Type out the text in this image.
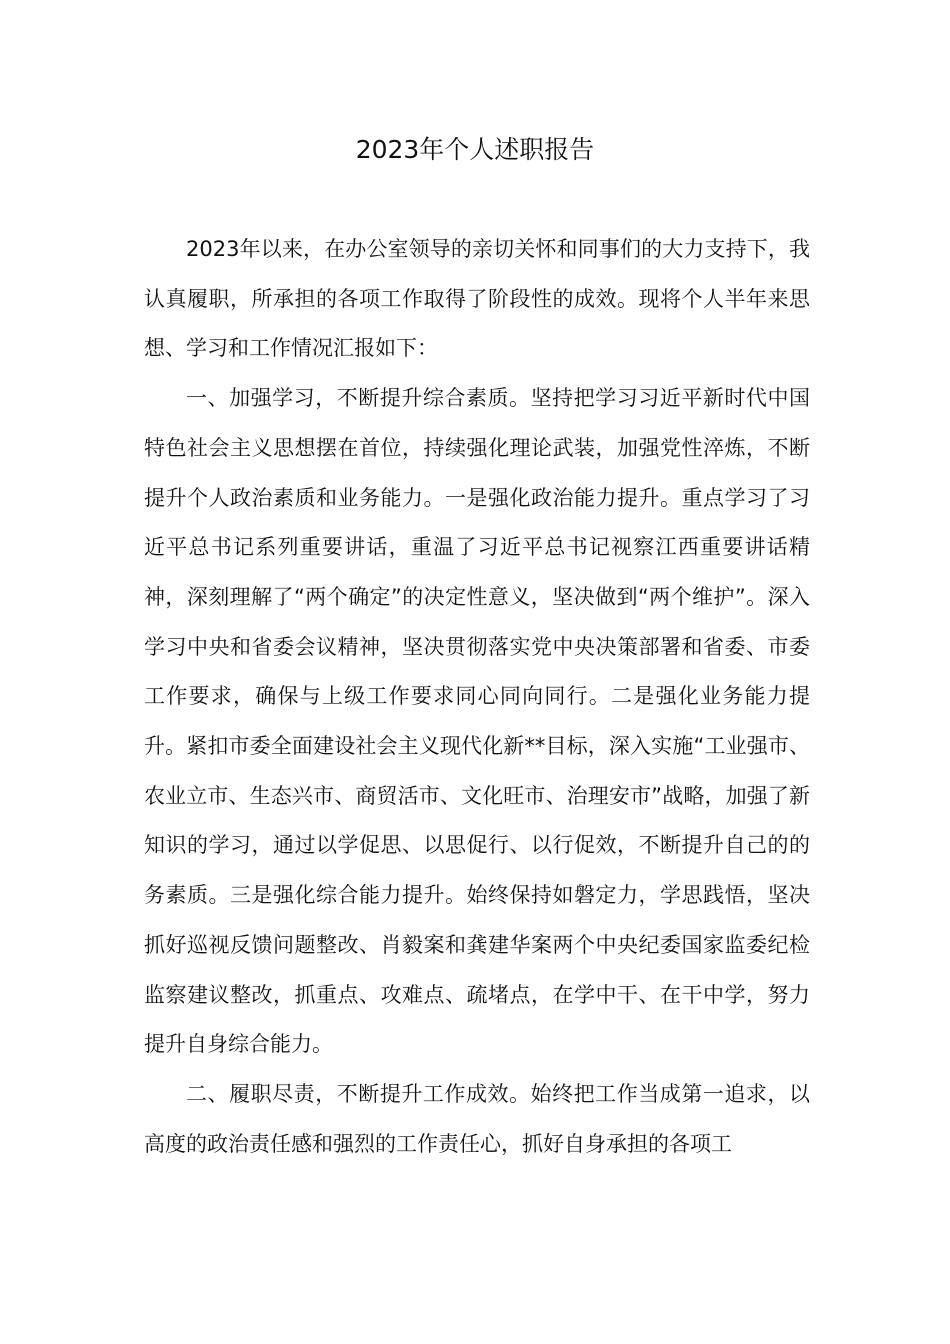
2023年个人述职报告

2023年以来，在办公室领导的亲切关怀和同事们的大力支持下，我认真履职，所承担的各项工作取得了阶段性的成效。现将个人半年来思想、学习和工作情况汇报如下：

一、加强学习，不断提升综合素质。坚持把学习习近平新时代中国特色社会主义思想摆在首位，持续强化理论武装，加强党性淬炼，不断提升个人政治素质和业务能力。一是强化政治能力提升。重点学习了习近平总书记系列重要讲话，重温了习近平总书记视察江西重要讲话精神，深刻理解了“两个确定”的决定性意义，坚决做到“两个维护”。深入学习中央和省委会议精神，坚决贯彻落实党中央决策部署和省委、市委工作要求，确保与上级工作要求同心同向同行。二是强化业务能力提升。紧扣市委全面建设社会主义现代化新**目标，深入实施“工业强市、农业立市、生态兴市、商贸活市、文化旺市、治理安市”战略，加强了新知识的学习，通过以学促思、以思促行、以行促效，不断提升自己的的务素质。三是强化综合能力提升。始终保持如磐定力，学思践悟，坚决抓好巡视反馈问题整改、肖毅案和龚建华案两个中央纪委国家监委纪检监察建议整改，抓重点、攻难点、疏堵点，在学中干、在干中学，努力提升自身综合能力。

二、履职尽责，不断提升工作成效。始终把工作当成第一追求，以高度的政治责任感和强烈的工作责任心，抓好自身承担的各项工
